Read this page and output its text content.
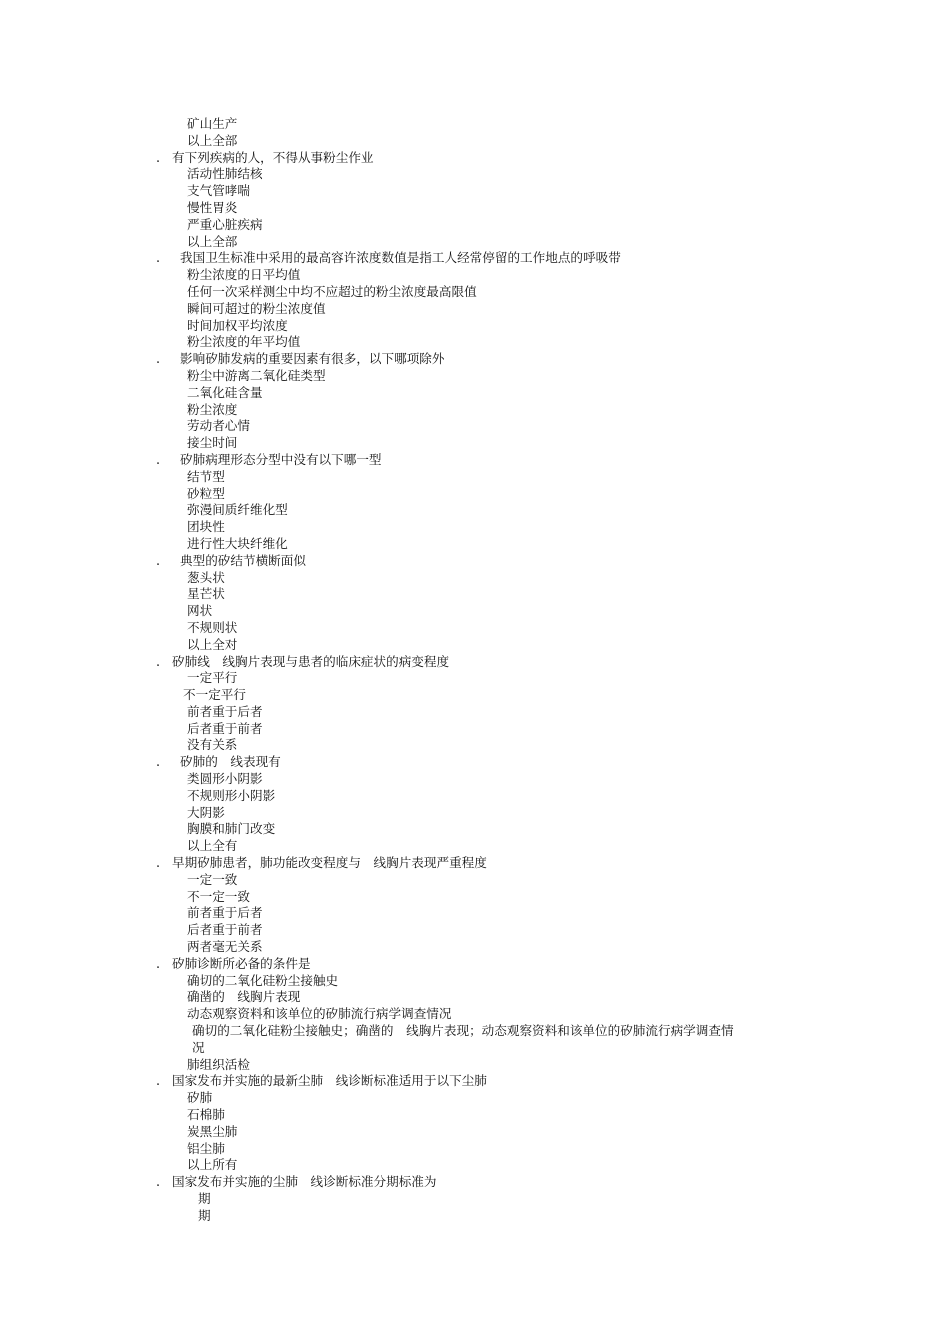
矿山生产
以上全部
. 有下列疾病的人，不得从事粉尘作业
活动性肺结核
支气管哮喘
慢性胃炎
严重心脏疾病
以上全部
. 我国卫生标准中采用的最高容许浓度数值是指工人经常停留的工作地点的呼吸带
粉尘浓度的日平均值
任何一次采样测尘中均不应超过的粉尘浓度最高限值
瞬间可超过的粉尘浓度值
时间加权平均浓度
粉尘浓度的年平均值
. 影响矽肺发病的重要因素有很多，以下哪项除外
粉尘中游离二氧化硅类型
二氧化硅含量
粉尘浓度
劳动者心情
接尘时间
. 矽肺病理形态分型中没有以下哪一型
结节型
砂粒型
弥漫间质纤维化型
团块性
进行性大块纤维化
. 典型的矽结节横断面似
葱头状
星芒状
网状
不规则状
以上全对
. 矽肺线　线胸片表现与患者的临床症状的病变程度
一定平行
不一定平行
前者重于后者
后者重于前者
没有关系
. 矽肺的　线表现有
类圆形小阴影
不规则形小阴影
大阴影
胸膜和肺门改变
以上全有
. 早期矽肺患者，肺功能改变程度与　线胸片表现严重程度
一定一致
不一定一致
前者重于后者
后者重于前者
两者毫无关系
. 矽肺诊断所必备的条件是
确切的二氧化硅粉尘接触史
确凿的　线胸片表现
动态观察资料和该单位的矽肺流行病学调查情况
确切的二氧化硅粉尘接触史；确凿的　线胸片表现；动态观察资料和该单位的矽肺流行病学调查情
况
肺组织活检
. 国家发布并实施的最新尘肺　线诊断标准适用于以下尘肺
矽肺
石棉肺
炭黑尘肺
铝尘肺
以上所有
. 国家发布并实施的尘肺　线诊断标准分期标准为
期
期
